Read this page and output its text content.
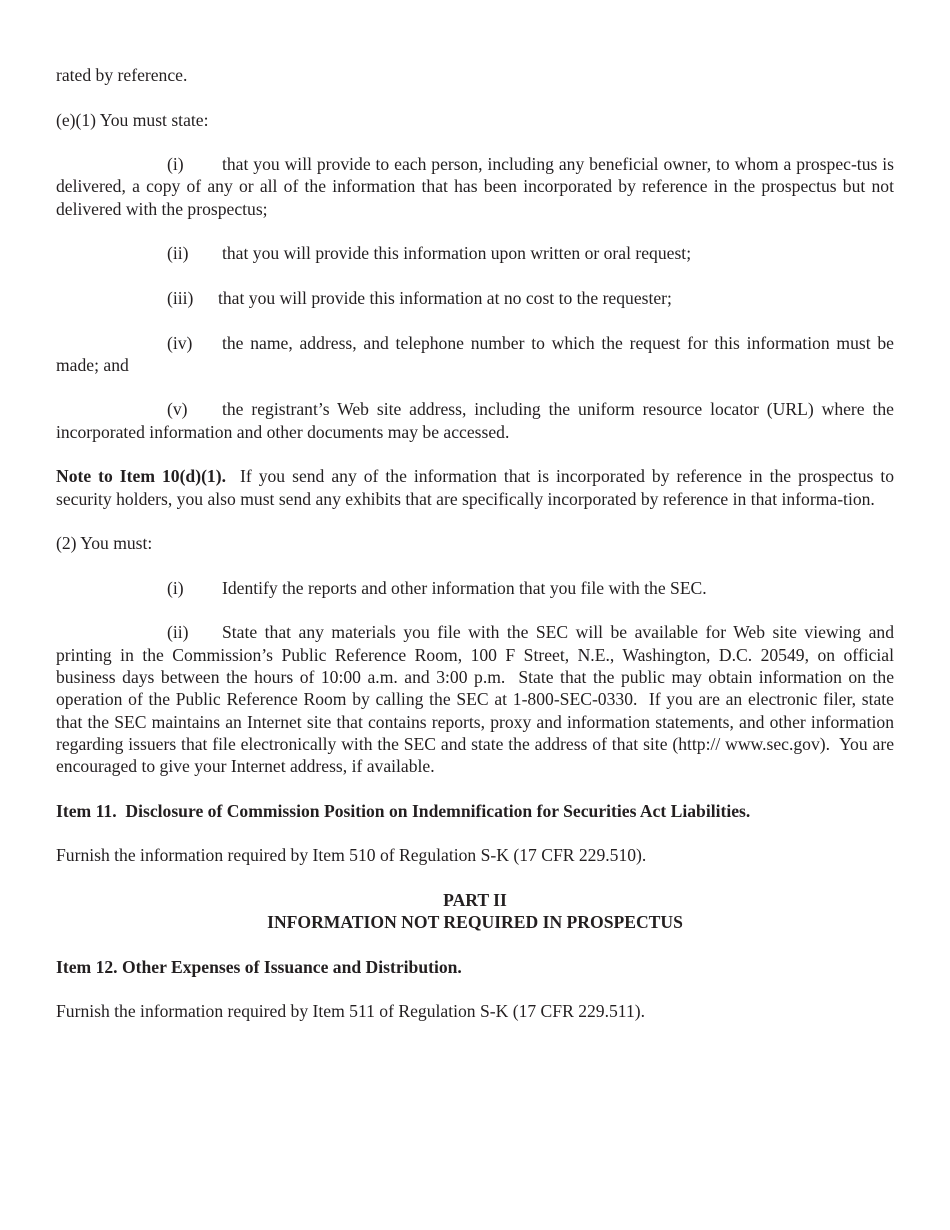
rated by reference.

(e)(1) You must state:

(i) that you will provide to each person, including any beneficial owner, to whom a prospec-tus is delivered, a copy of any or all of the information that has been incorporated by reference in the prospectus but not delivered with the prospectus;

(ii) that you will provide this information upon written or oral request;

(iii) that you will provide this information at no cost to the requester;

(iv) the name, address, and telephone number to which the request for this information must be made; and

(v) the registrant’s Web site address, including the uniform resource locator (URL) where the incorporated information and other documents may be accessed.

Note to Item 10(d)(1). If you send any of the information that is incorporated by reference in the prospectus to security holders, you also must send any exhibits that are specifically incorporated by reference in that informa-tion.

(2) You must:

(i) Identify the reports and other information that you file with the SEC.

(ii) State that any materials you file with the SEC will be available for Web site viewing and printing in the Commission’s Public Reference Room, 100 F Street, N.E., Washington, D.C. 20549, on official business days between the hours of 10:00 a.m. and 3:00 p.m.  State that the public may obtain information on the operation of the Public Reference Room by calling the SEC at 1-800-SEC-0330.  If you are an electronic filer, state that the SEC maintains an Internet site that contains reports, proxy and information statements, and other information regarding issuers that file electronically with the SEC and state the address of that site (http:// www.sec.gov).  You are encouraged to give your Internet address, if available.

Item 11.  Disclosure of Commission Position on Indemnification for Securities Act Liabilities.

Furnish the information required by Item 510 of Regulation S-K (17 CFR 229.510).

PART II

INFORMATION NOT REQUIRED IN PROSPECTUS

Item 12. Other Expenses of Issuance and Distribution.

Furnish the information required by Item 511 of Regulation S-K (17 CFR 229.511).
